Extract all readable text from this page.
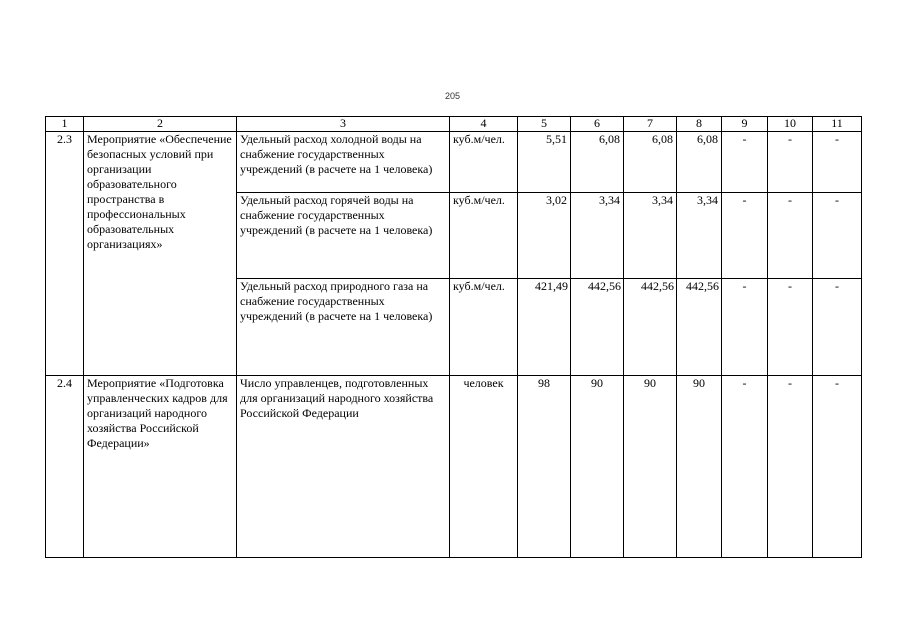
205
1	2	3	4	5	6	7	8	9	10	11
2.3	Мероприятие «Обеспечение безопасных условий при организации образовательного пространства в профессиональных образовательных организациях»	Удельный расход холодной воды на снабжение государственных учреждений (в расчете на 1 человека)	куб.м/чел.	5,51	6,08	6,08	6,08	-	-	-
		Удельный расход горячей воды на снабжение государственных учреждений (в расчете на 1 человека)	куб.м/чел.	3,02	3,34	3,34	3,34	-	-	-
		Удельный расход природного газа на снабжение государственных учреждений (в расчете на 1 человека)	куб.м/чел.	421,49	442,56	442,56	442,56	-	-	-
2.4	Мероприятие «Подготовка управленческих кадров для организаций народного хозяйства Российской Федерации»	Число управленцев, подготовленных для организаций народного хозяйства Российской Федерации	человек	98	90	90	90	-	-	-
